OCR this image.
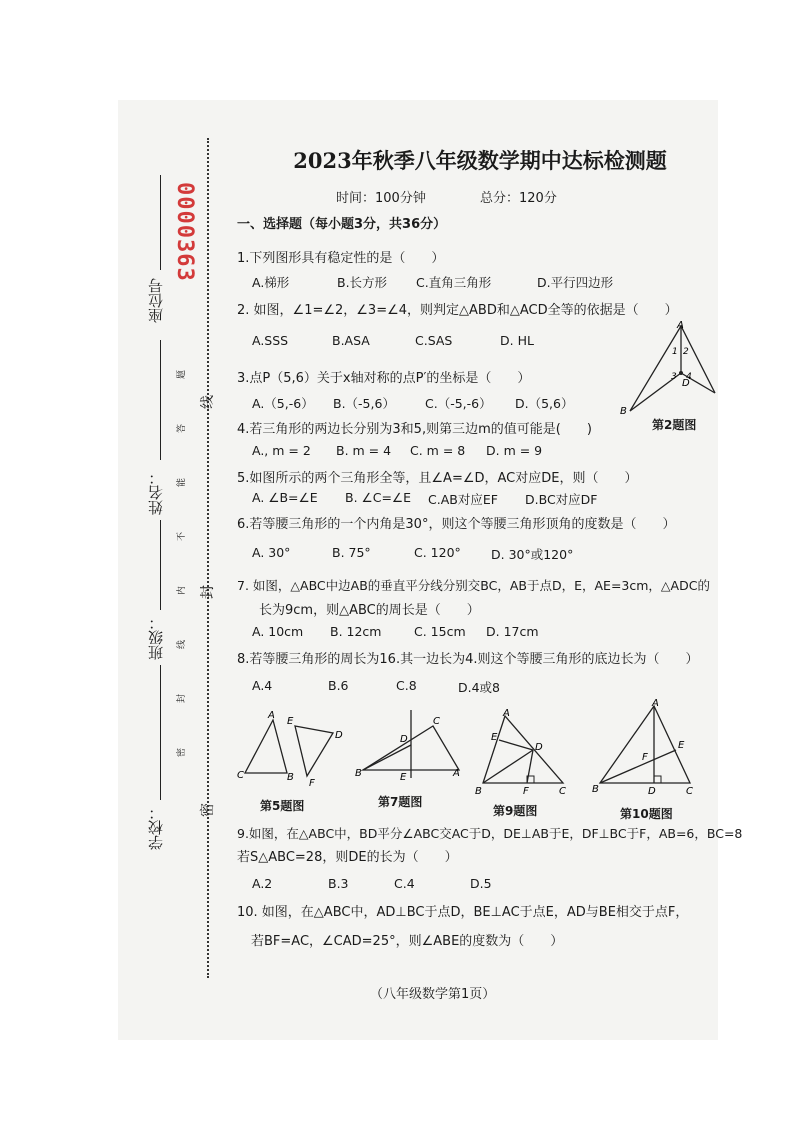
0000363
座位号
姓名：
班级：
学校：
题
答
能
不
内
线
封
密
线
封
密
2023年秋季八年级数学期中达标检测题
时间：100分钟	总分：120分
一、选择题（每小题3分，共36分）
1.下列图形具有稳定性的是（　　）
A.梯形	B.长方形 C.直角三角形	D.平行四边形
2. 如图，∠1=∠2，∠3=∠4，则判定△ABD和△ACD全等的依据是（　　）
A.SSS	B.ASA	C.SAS	D. HL
A
B
D
1 2
3 4
第2题图
3.点P（5,6）关于x轴对称的点P′的坐标是（　　）
A.（5,-6） B.（-5,6） C.（-5,-6） D.（5,6）
4.若三角形的两边长分别为3和5,则第三边m的值可能是(　　)
A., m = 2 B. m = 4 C. m = 8 D. m = 9
5.如图所示的两个三角形全等，且∠A=∠D，AC对应DE，则（　　）
A. ∠B=∠E B. ∠C=∠E C.AB对应EF D.BC对应DF
6.若等腰三角形的一个内角是30°，则这个等腰三角形顶角的度数是（　　）
A. 30°	B. 75°	C. 120° D. 30°或120°
7. 如图，△ABC中边AB的垂直平分线分别交BC，AB于点D，E，AE=3cm，△ADC的
长为9cm，则△ABC的周长是（　　）
A. 10cm B. 12cm	C. 15cm D. 17cm
8.若等腰三角形的周长为16.其一边长为4.则这个等腰三角形的底边长为（　　）
A.4	B.6	C.8	D.4或8
A
C	B
E
D
F
第5题图
B	A
C
D
E
第7题图
A
E
D
B	F	C
第9题图
A
F
E
B	D	C
第10题图
9.如图，在△ABC中，BD平分∠ABC交AC于D，DE⊥AB于E，DF⊥BC于F，AB=6，BC=8
若S△ABC=28，则DE的长为（　　）
A.2	B.3	C.4	D.5
10. 如图，在△ABC中，AD⊥BC于点D，BE⊥AC于点E，AD与BE相交于点F，
若BF=AC，∠CAD=25°，则∠ABE的度数为（　　）
（八年级数学第1页）
